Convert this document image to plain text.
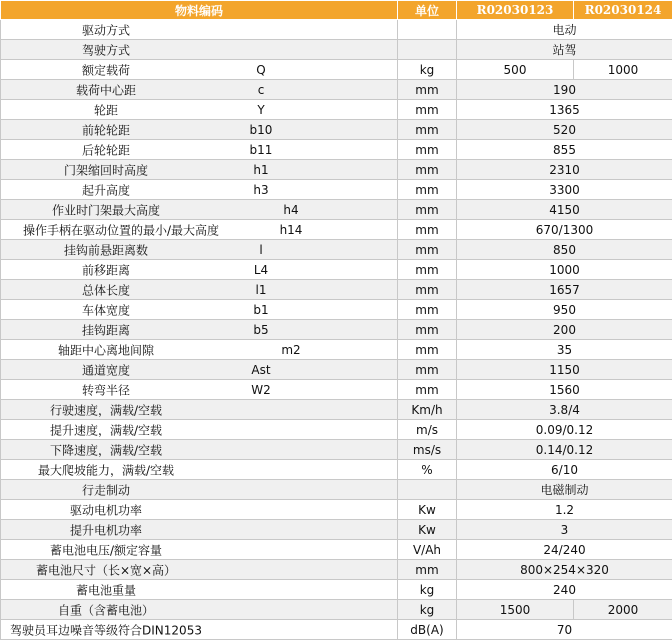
物料编码	单位	R02030123	R02030124

驱动方式		电动	

驾驶方式		站驾	

额定载荷 Q	kg	500	1000

载荷中心距 c	mm	190	

轮距 Y	mm	1365	

前轮轮距 b10	mm	520	

后轮轮距 b11	mm	855	

门架缩回时高度 h1	mm	2310	

起升高度 h3	mm	3300	

作业时门架最大高度 h4	mm	4150	

操作手柄在驱动位置的最小/最大高度 h14	mm	670/1300	

挂钩前悬距离数 l	mm	850	

前移距离 L4	mm	1000	

总体长度 l1	mm	1657	

车体宽度 b1	mm	950	

挂钩距离 b5	mm	200	

轴距中心离地间隙 m2	mm	35	

通道宽度 Ast	mm	1150	

转弯半径 W2	mm	1560	

行驶速度，满载/空载	Km/h	3.8/4	

提升速度，满载/空载	m/s	0.09/0.12	

下降速度，满载/空载	ms/s	0.14/0.12	

最大爬坡能力，满载/空载	%	6/10	

行走制动		电磁制动	

驱动电机功率	Kw	1.2	

提升电机功率	Kw	3	

蓄电池电压/额定容量	V/Ah	24/240	

蓄电池尺寸（长×宽×高）	mm	800×254×320	

蓄电池重量	kg	240	

自重（含蓄电池）	kg	1500	2000

驾驶员耳边噪音等级符合DIN12053	dB(A)	70	
